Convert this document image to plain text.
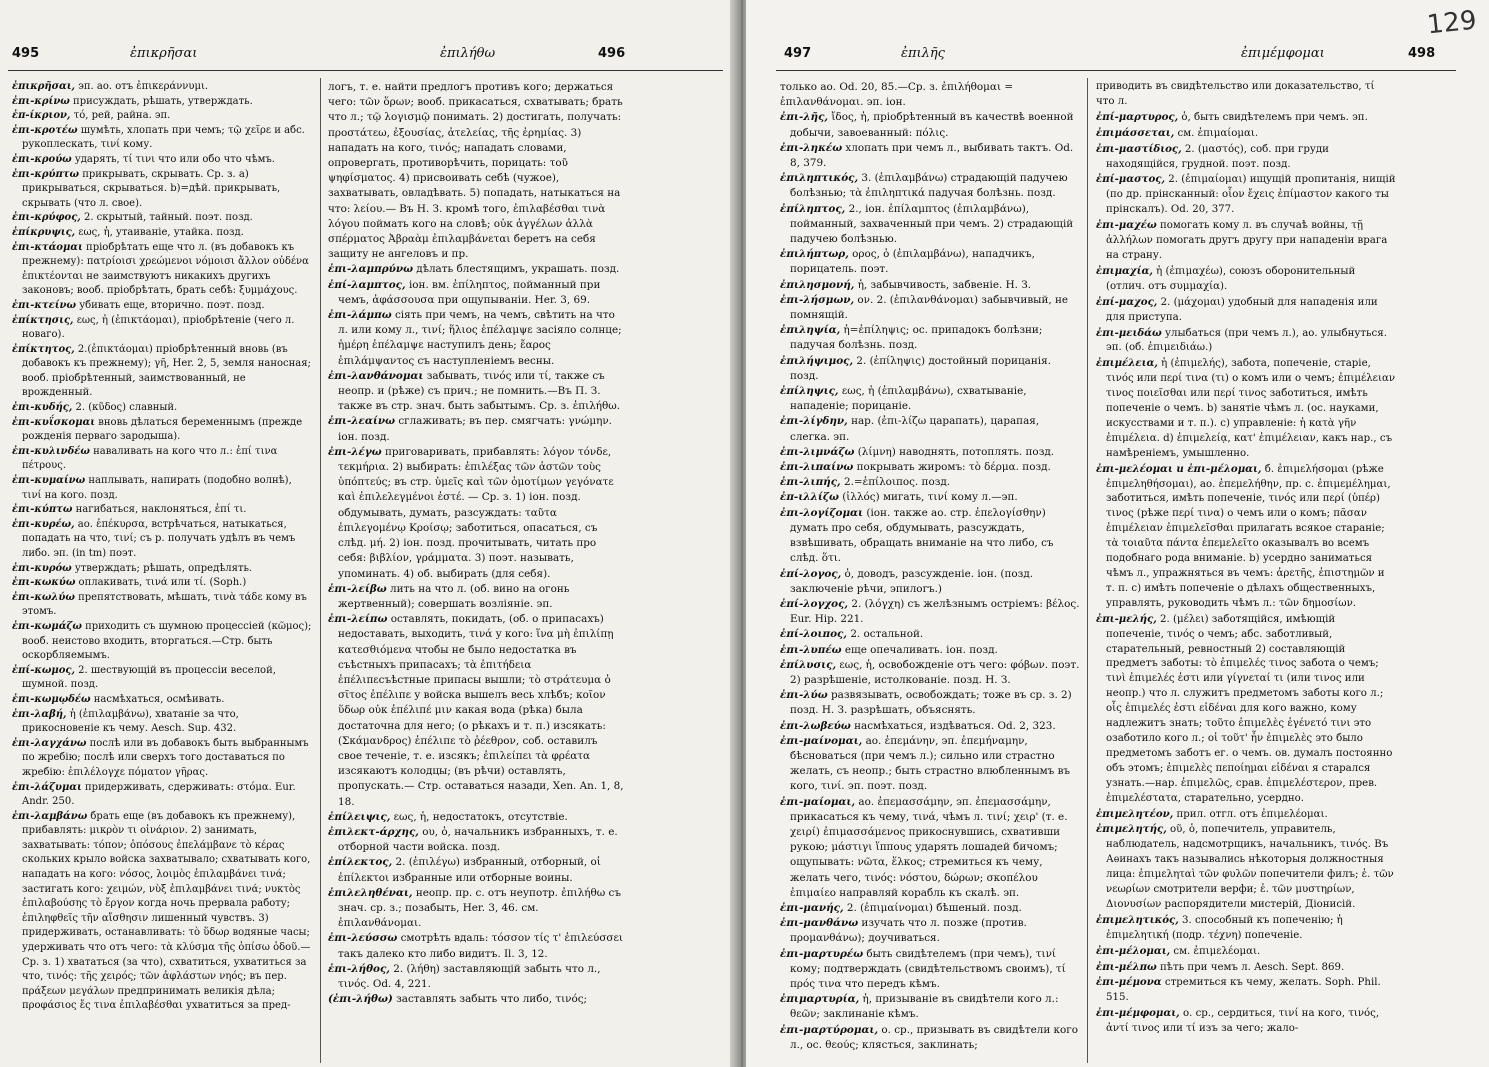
495	ἐπικρῆσαι	ἐπιλήθω	496

ἐπικρῆσαι, эп. ао. отъ ἐπικεράννυμι.

ἐπι-κρίνω присуждать, рѣшать, утверждать.

ἐπ-ίκριον, τό, рей, райна. эп.

ἐπι-κροτέω шумѣть, хлопать при чемъ; τῷ χεῖρε и абс. рукоплескать, τινί кому.

ἐπι-κρούω ударять, τί τινι что или обо что чѣмъ.

ἐπι-κρύπτω прикрывать, скрывать. Ср. з. а) прикрываться, скрываться. b)=дѣй. прикрывать, скрывать (что л. свое).

ἐπι-κρύφος, 2. скрытый, тайный. поэт. позд.

ἐπίκρυψις, εως, ἡ, утаиваніе, утайка. позд.

ἐπι-κτάομαι пріобрѣтать еще что л. (въ добавокъ къ прежнему): πατρίοισι χρεώμενοι νόμοισι ἄλλον οὐδένα ἐπικτέονται не заимствуютъ никакихъ другихъ законовъ; вооб. пріобрѣтать, брать себѣ: ξυμμάχους.

ἐπι-κτείνω убивать еще, вторично. поэт. позд.

ἐπίκτησις, εως, ἡ (ἐπικτάομαι), пріобрѣтеніе (чего л. новаго).

ἐπίκτητος, 2.(ἐπικτάομαι) пріобрѣтенный вновь (въ добавокъ къ прежнему); γῆ, Her. 2, 5, земля наносная; вооб. пріобрѣтенный, заимствованный, не врожденный.

ἐπι-κυδής, 2. (κῦδος) славный.

ἐπι-κυΐσκομαι вновь дѣлаться беременнымъ (прежде рожденія перваго зародыша).

ἐπι-κυλινδέω наваливать на кого что л.: ἐπί τινα πέτρους.

ἐπι-κυμαίνω наплывать, напирать (подобно волнѣ), τινί на кого. позд.

ἐπι-κύπτω нагибаться, наклоняться, ἐπί τι.

ἐπι-κυρέω, ао. ἐπέκυρσα, встрѣчаться, натыкаться, попадать на что, τινί; съ р. получать удѣлъ въ чемъ либо. эп. (in tm) поэт.

ἐπι-κυρόω утверждать; рѣшать, опредѣлять.

ἐπι-κωκύω оплакивать, τινά или τί. (Soph.)

ἐπι-κωλύω препятствовать, мѣшать, τινὰ τάδε кому въ этомъ.

ἐπι-κωμάζω приходить съ шумною процессіей (κῶμος); вооб. неистово входить, вторгаться.—Стр. быть оскорбляемымъ.

ἐπί-κωμος, 2. шествующій въ процессіи веселой, шумной. позд.

ἐπι-κωμῳδέω насмѣхаться, осмѣивать.

ἐπι-λαβή, ἡ (ἐπιλαμβάνω), хватаніе за что, прикосновеніе къ чему. Aesch. Sup. 432.

ἐπι-λαγχάνω послѣ или въ добавокъ быть выбраннымъ по жребію; послѣ или сверхъ того доставаться по жребію: ἐπιλέλογχε πόματον γῆρας.

ἐπι-λάζυμαι придерживать, сдерживать: στόμα. Eur. Andr. 250.

ἐπι-λαμβάνω брать еще (въ добавокъ къ прежнему), прибавлять: μικρὸν τι οἰνάριον. 2) занимать, захватывать: τόπον; ὁπόσους ἐπελάμβανε τὸ κέρας скольких крыло войска захватывало; схватывать кого, нападать на кого: νόσος, λοιμὸς ἐπιλαμβάνει τινά; застигать кого: χειμών, νὺξ ἐπιλαμβάνει τινά; νυκτὸς ἐπιλαβούσης τὸ ἔργον когда ночь прервала работу; ἐπιληφθεῖς τῆν αἴσθησιν лишенный чувствъ. 3) придерживать, останавливать: τὸ ὕδωρ водяные часы; удерживать что отъ чего: τὰ κλύσμα τῆς ὀπίσω ὁδοῦ.—Ср. з. 1) хвататься (за что), схватиться, ухватиться за что, τινός: τῆς χειρός; τῶν ἀφλάστων νηός; въ пер. πράξεων μεγάλων предпринимать великія дѣла; προφάσιος ἔς τινα ἐπιλαβέσθαι ухватиться за пред-

логъ, т. е. найти предлогъ противъ кого; держаться чего: τῶν ὅρων; вооб. прикасаться, схватывать; брать что л.; τῷ λογισμῷ понимать. 2) достигать, получать: προστάτεω, ἐξουσίας, ἀτελείας, τῆς ἐρημίας. 3) нападать на кого, τινός; нападать словами, опровергать, противорѣчить, порицать: τοῦ ψηφίσματος. 4) присвоивать себѣ (чужое), захватывать, овладѣвать. 5) попадать, натыкаться на что: λείου.— Въ Н. З. кромѣ того, ἐπιλαβέσθαι τινὰ λόγου поймать кого на словѣ; οὐκ ἀγγέλων ἀλλὰ σπέρματος Ἀβραὰμ ἐπιλαμβάνεται беретъ на себя защиту не ангеловъ и пр.

ἐπι-λαμπρύνω дѣлать блестящимъ, украшать. позд.

ἐπί-λαμπτος, іон. вм. ἐπίληπτος, пойманный при чемъ, ἀφάσσουσα при ощупываніи. Her. 3, 69.

ἐπι-λάμπω сіять при чемъ, на чемъ, свѣтить на что л. или кому л., τινί; ἥλιος ἐπέλαμψε засіяло солнце; ἡμέρη ἐπέλαμψε наступилъ день; ἔαρος ἐπιλάμψαντος съ наступленіемъ весны.

ἐπι-λανθάνομαι забывать, τινός или τί, также съ неопр. и (рѣже) съ прич.; не помнить.—Въ П. З. также въ стр. знач. быть забытымъ. Ср. з. ἐπιλήθω.

ἐπι-λεαίνω сглаживать; въ пер. смягчать: γνώμην. іон. позд.

ἐπι-λέγω приговаривать, прибавлять: λόγον τόνδε, τεκμήρια. 2) выбирать: ἐπιλέξας τῶν ἀστῶν τοὺς ὑπόπτεύς; въ стр. ὑμεῖς καὶ τῶν ὁμοτίμων γεγόνατε καὶ ἐπιλελεγμένοι ἐστέ. — Ср. з. 1) іон. позд. обдумывать, думать, разсуждать: ταῦτα ἐπιλεγομένῳ Κροίσῳ; заботиться, опасаться, съ слѣд. μή. 2) іон. позд. прочитывать, читать про себя: βιβλίον, γράμματα. 3) поэт. называть, упоминать. 4) об. выбирать (для себя).

ἐπι-λείβω лить на что л. (об. вино на огонь жертвенный); совершать возліяніе. эп.

ἐπι-λείπω оставлять, покидать, (об. о припасахъ) недоставать, выходить, τινά у кого: ἵνα μὴ ἐπιλίπῃ κατεσθιόμενα чтобы не было недостатка въ съѣстныхъ припасахъ; τὰ ἐπιτήδεια ἐπέλιπεсъѣстные припасы вышли; τὸ στράτευμα ὁ σῖτος ἐπέλιπε у войска вышелъ весь хлѣбъ; κοῖον ὕδωρ οὐκ ἐπέλιπέ μιν какая вода (рѣка) была достаточна для него; (о рѣкахъ и т. п.) изсякать: (Σκάμανδρος) ἐπέλιπε τὸ ῥέεθρον, соб. оставилъ свое теченіе, т. е. изсякъ; ἐπιλείπει τὰ φρέατα изсякаютъ колодцы; (въ рѣчи) оставлять, пропускать.— Стр. оставаться назади, Xen. An. 1, 8, 18.

ἐπίλειψις, εως, ἡ, недостатокъ, отсутствіе.

ἐπιλεκτ-άρχης, ου, ὁ, начальникъ избранныхъ, т. е. отборной части войска. позд.

ἐπίλεκτος, 2. (ἐπιλέγω) избранный, отборный, οἱ ἐπίλεκτοι избранные или отборные воины.

ἐπιλεληθέναι, неопр. пр. с. отъ неупотр. ἐπιλήθω съ знач. ср. з.; позабыть, Her. 3, 46. см. ἐπιλανθάνομαι.

ἐπι-λεύσσω смотрѣть вдаль: τόσσον τίς τ' ἐπιλεύσσει такъ далеко кто либо видитъ. Il. 3, 12.

ἐπι-λήθος, 2. (λήθη) заставляющій забыть что л., τινός. Od. 4, 221.

(ἐπι-λήθω) заставлять забыть что либо, τινός;

497	ἐπιλῆς	ἐπιμέμφομαι	498
129

только ао. Od. 20, 85.—Ср. з. ἐπιλήθομαι = ἐπιλανθάνομαι. эп. іон.

ἐπι-λῆς, ἴδος, ἡ, пріобрѣтенный въ качествѣ военной добычи, завоеванный: πόλις.

ἐπι-ληκέω хлопать при чемъ л., выбивать тактъ. Od. 8, 379.

ἐπιληπτικός, 3. (ἐπιλαμβάνω) страдающій падучею болѣзнью; τὰ ἐπιληπτικά падучая болѣзнь. позд.

ἐπίληπτος, 2., іон. ἐπίλαμπτος (ἐπιλαμβάνω), пойманный, захваченный при чемъ. 2) страдающій падучею болѣзнью.

ἐπιλήπτωρ, ορος, ὁ (ἐπιλαμβάνω), нападчикъ, порицатель. поэт.

ἐπιλησμονή, ἡ, забывчивость, забвеніе. Н. З.

ἐπι-λήσμων, ον. 2. (ἐπιλανθάνομαι) забывчивый, не помнящій.

ἐπιληψία, ἡ=ἐπίληψις; ос. припадокъ болѣзни; падучая болѣзнь. позд.

ἐπιλήψιμος, 2. (ἐπίληψις) достойный порицанія. позд.

ἐπίληψις, εως, ἡ (ἐπιλαμβάνω), схватываніе, нападеніе; порицаніе.

ἐπι-λίγδην, нар. (ἐπι-λίζω царапать), царапая, слегка. эп.

ἐπι-λιμνάζω (λίμνη) наводнять, потоплять. позд.

ἐπι-λιπαίνω покрывать жиромъ: τὸ δέρμα. позд.

ἐπι-λιπής, 2.=ἐπίλοιπος. позд.

ἐπ-ιλλίζω (ἰλλός) мигать, τινί кому л.—эп.

ἐπι-λογίζομαι (іон. также ао. стр. ἐπελογίσθην) думать про себя, обдумывать, разсуждать, взвѣшивать, обращать вниманіе на что либо, съ слѣд. ὅτι.

ἐπί-λογος, ὁ, доводъ, разсужденіе. іон. (позд. заключеніе рѣчи, эпилогъ.)

ἐπί-λογχος, 2. (λόγχη) съ желѣзнымъ остріемъ: βέλος. Eur. Hip. 221.

ἐπί-λοιπος, 2. остальной.

ἐπι-λυπέω еще опечаливать. іон. позд.

ἐπίλυσις, εως, ἡ, освобожденіе отъ чего: φόβων. поэт. 2) разрѣшеніе, истолкованіе. позд. Н. З.

ἐπι-λύω развязывать, освобождать; тоже въ ср. з. 2) позд. Н. З. разрѣшать, объяснять.

ἐπι-λωβεύω насмѣхаться, издѣваться. Od. 2, 323.

ἐπι-μαίνομαι, ао. ἐπεμάνην, эп. ἐπεμήναμην, бѣсноваться (при чемъ л.); сильно или страстно желать, съ неопр.; быть страстно влюбленнымъ въ кого, τινί. эп. поэт. позд.

ἐπι-μαίομαι, ао. ἐπεμασσάμην, эп. ἐπεμασσάμην, прикасаться къ чему, τινά, чѣмъ л. τινί; χειρ' (т. е. χειρί) ἐπιμασσάμενος прикоснувшись, схвативши рукою; μάστιγι ἵππους ударять лошадей бичомъ; ощупывать: νῶτα, ἕλκος; стремиться къ чему, желать чего, τινός: νόστου, δώρων; σκοπέλου ἐπιμαίεο направляй корабль къ скалѣ. эп.

ἐπι-μανής, 2. (ἐπιμαίνομαι) бѣшеный. позд.

ἐπι-μανθάνω изучать что л. позже (против. προμανθάνω); доучиваться.

ἐπι-μαρτυρέω быть свидѣтелемъ (при чемъ), τινί кому; подтверждать (свидѣтельствомъ своимъ), τί πρός τινα что передъ кѣмъ.

ἐπιμαρτυρία, ἡ, призываніе въ свидѣтели кого л.: θεῶν; заклинаніе кѣмъ.

ἐπι-μαρτύρομαι, о. ср., призывать въ свидѣтели кого л., ос. θεούς; клясться, заклинать;

приводить въ свидѣтельство или доказательство, τί что л.

ἐπί-μαρτυρος, ὁ, быть свидѣтелемъ при чемъ. эп.

ἐπιμάσσεται, см. ἐπιμαίομαι.

ἐπι-μαστίδιος, 2. (μαστός), соб. при груди находящійся, грудной. поэт. позд.

ἐπί-μαστος, 2. (ἐπιμαίομαι) ищущій пропитанія, нищій (по др. прінсканный: οἷον ἔχεις ἐπίμαστον какого ты прінскалъ). Od. 20, 377.

ἐπι-μαχέω помогать кому л. въ случаѣ войны, τῇ ἀλλήλων помогать другъ другу при нападеніи врага на страну.

ἐπιμαχία, ἡ (ἐπιμαχέω), союзъ оборонительный (отлич. отъ συμμαχία).

ἐπί-μαχος, 2. (μάχομαι) удобный для нападенія или для приступа.

ἐπι-μειδάω улыбаться (при чемъ л.), ао. улыбнуться. эп. (об. ἐπιμειδιάω.)

ἐπιμέλεια, ἡ (ἐπιμελής), забота, попеченіе, старіе, τινός или περί τινα (τι) о комъ или о чемъ; ἐπιμέλειαν τινος ποιεῖσθαι или περί τινος заботиться, имѣть попеченіе о чемъ. b) занятіе чѣмъ л. (ос. науками, искусствами и т. п.). с) управленіе: ἡ κατὰ γῆν ἐπιμέλεια. d) ἐπιμελείᾳ, κατ' ἐπιμέλειαν, какъ нар., съ намѣреніемъ, умышленно.

ἐπι-μελέομαι и ἐπι-μέλομαι, б. ἐπιμελήσομαι (рѣже ἐπιμεληθήσομαι), ао. ἐπεμελήθην, пр. с. ἐπιμεμέλημαι, заботиться, имѣть попеченіе, τινός или περί (ὑπέρ) τινος (рѣже περί τινα) о чемъ или о комъ; πᾶσαν ἐπιμέλειαν ἐπιμελεῖσθαι прилагать всякое стараніе; τὰ τοιαῦτα πάντα ἐπεμελεῖτο оказывалъ во всемъ подобнаго рода вниманіе. b) усердно заниматься чѣмъ л., упражняться въ чемъ: ἀρετῆς, ἐπιστημῶν и т. п. c) имѣть попеченіе о дѣлахъ общественныхъ, управлять, руководить чѣмъ л.: τῶν δημοσίων.

ἐπι-μελής, 2. (μέλει) заботящійся, имѣющій попеченіе, τινός о чемъ; абс. заботливый, старательный, ревностный 2) составляющій предметъ заботы: τὸ ἐπιμελές τινος забота о чемъ; τινὶ ἐπιμελές ἐστι или γίγνεταί τι (или τινος или неопр.) что л. служитъ предметомъ заботы кого л.; οἷς ἐπιμελές ἐστι εἰδέναι для кого важно, кому надлежитъ знать; τοῦτο ἐπιμελὲς ἐγένετό τινι это озаботило кого л.; οἱ τοῦτ' ἦν ἐπιμελὲς это было предметомъ заботъ ег. о чемъ. ов. думалъ постоянно объ этомъ; ἐπιμελὲς πεποίημαι εἰδέναι я старался узнать.—нар. ἐπιμελῶς, срав. ἐπιμελέστερον, прев. ἐπιμελέστατα, старательно, усердно.

ἐπιμελητέον, прил. отгл. отъ ἐπιμελέομαι.

ἐπιμελητής, οῦ, ὁ, попечитель, управитель, наблюдатель, надсмотрщикъ, начальникъ, τινός. Въ Аѳинахъ такъ назывались нѣкоторыя должностныя лица: ἐπιμεληταὶ τῶν φυλῶν попечители филъ; ἐ. τῶν νεωρίων смотрители верфи; ἐ. τῶν μυστηρίων, Διονυσίων распорядители мистерій, Діонисій.

ἐπιμελητικός, 3. способный къ попеченію; ἡ ἐπιμελητική (подр. τέχνη) попеченіе.

ἐπι-μέλομαι, см. ἐπιμελέομαι.

ἐπι-μέλπω пѣть при чемъ л. Aesch. Sept. 869.

ἐπι-μέμονα стремиться къ чему, желать. Soph. Phil. 515.

ἐπι-μέμφομαι, о. ср., сердиться, τινί на кого, τινός, ἀντί τινος или τί изъ за чего; жало-
